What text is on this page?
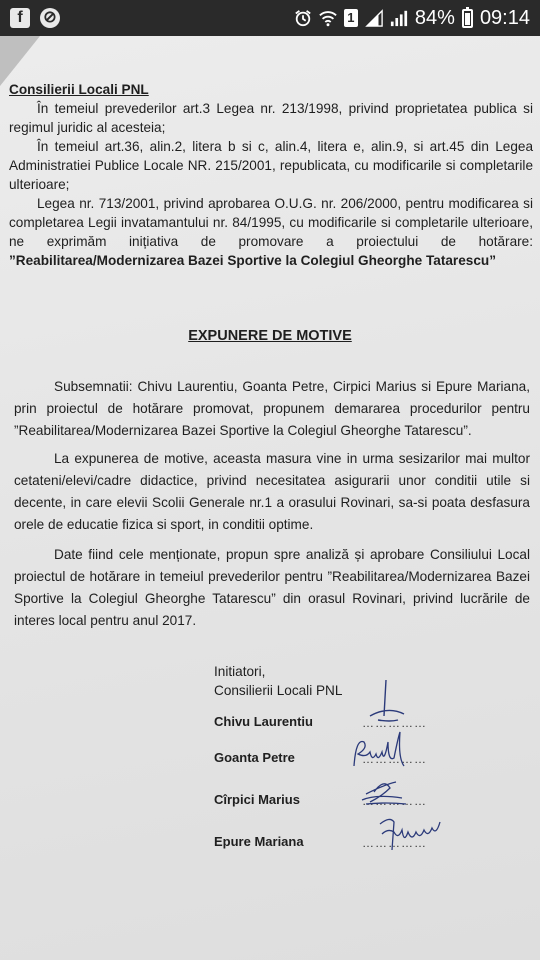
f	⊘	1	84% 09:14
Consilierii Locali PNL

În temeiul prevederilor art.3 Legea nr. 213/1998, privind proprietatea publica si regimul juridic al acesteia;

În temeiul art.36, alin.2, litera b si c, alin.4, litera e, alin.9, si art.45 din Legea Administratiei Publice Locale NR. 215/2001, republicata, cu modificarile si completarile ulterioare;

Legea nr. 713/2001, privind aprobarea O.U.G. nr. 206/2000, pentru modificarea si completarea Legii invatamantului nr. 84/1995, cu modificarile si completarile ulterioare, ne exprimăm inițiativa de promovare a proiectului de hotărare: ”Reabilitarea/Modernizarea Bazei Sportive la Colegiul Gheorghe Tatarescu”

EXPUNERE DE MOTIVE

Subsemnatii: Chivu Laurentiu, Goanta Petre, Cirpici Marius si Epure Mariana, prin proiectul de hotărare promovat, propunem demararea procedurilor pentru ”Reabilitarea/Modernizarea Bazei Sportive la Colegiul Gheorghe Tatarescu”.

La expunerea de motive, aceasta masura vine in urma sesizarilor mai multor cetateni/elevi/cadre didactice, privind necesitatea asigurarii unor conditii utile si decente, in care elevii Scolii Generale nr.1 a orasului Rovinari, sa-si poata desfasura orele de educatie fizica si sport, in conditii optime.

Date fiind cele menționate, propun spre analiză și aprobare Consiliului Local proiectul de hotărare in temeiul prevederilor pentru ”Reabilitarea/Modernizarea Bazei Sportive la Colegiul Gheorghe Tatarescu” din orasul Rovinari, privind lucrările de interes local pentru anul 2017.

Initiatori,
Consilierii Locali PNL
Chivu Laurentiu	……………
Goanta Petre	……………
Cîrpici Marius	……………
Epure Mariana	……………
